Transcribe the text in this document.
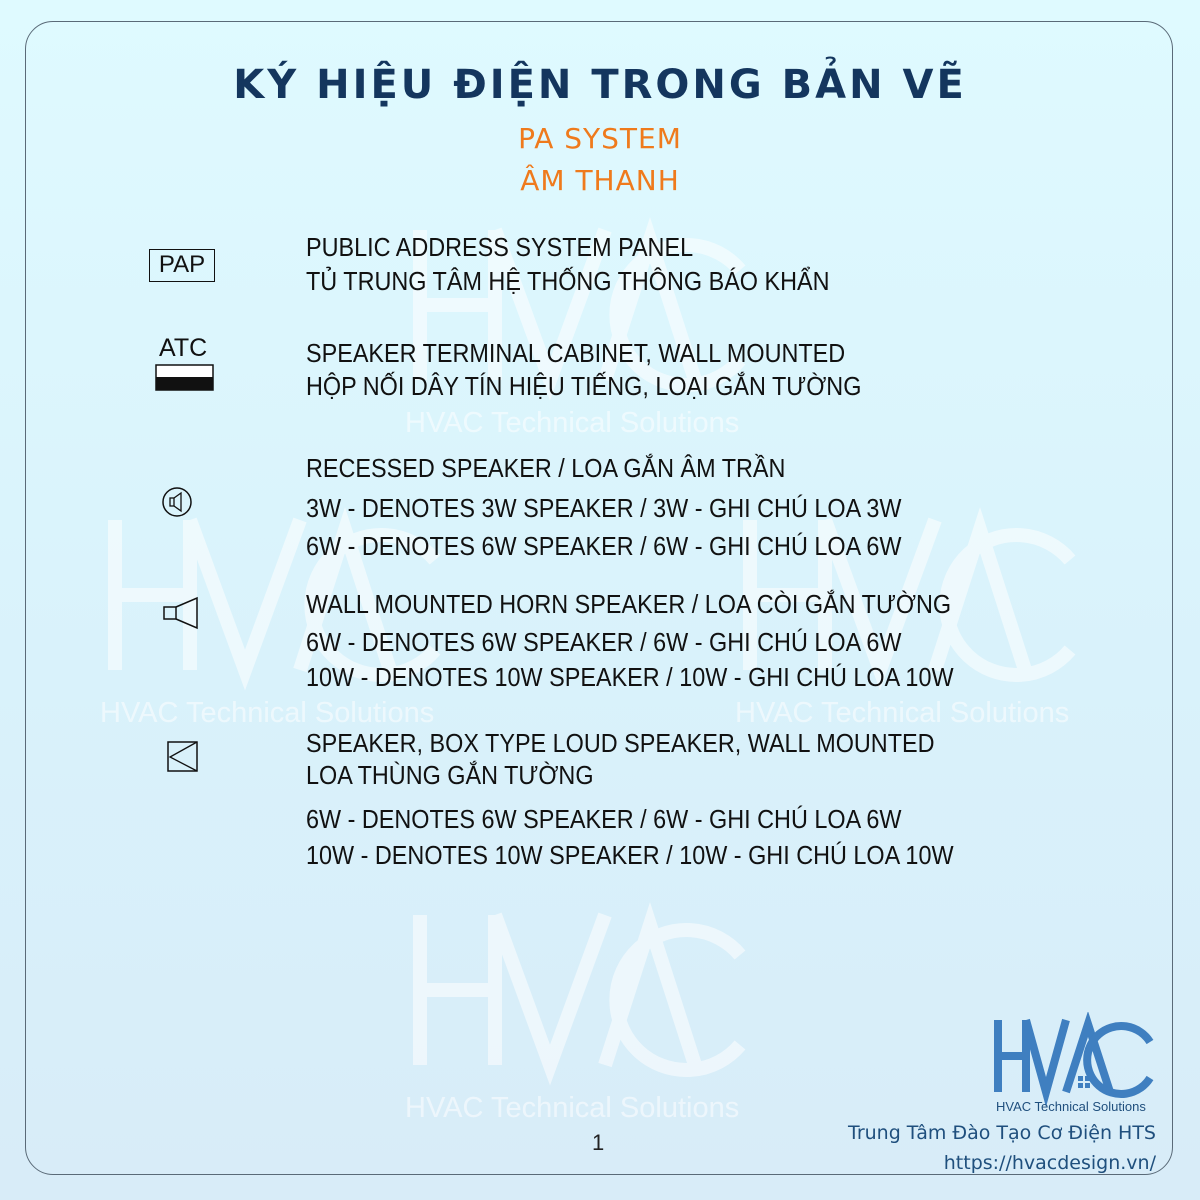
HVAC Technical Solutions
HVAC Technical Solutions	HVAC Technical Solutions
HVAC Technical Solutions
KÝ HIỆU ĐIỆN TRONG BẢN VẼ
PA SYSTEM
ÂM THANH
PAP
PUBLIC ADDRESS SYSTEM PANEL
TỦ TRUNG TÂM HỆ THỐNG THÔNG BÁO KHẨN
ATC	SPEAKER TERMINAL CABINET, WALL MOUNTED
HỘP NỐI DÂY TÍN HIỆU TIẾNG, LOẠI GẮN TƯỜNG
RECESSED SPEAKER / LOA GẮN ÂM TRẦN
3W - DENOTES 3W SPEAKER / 3W - GHI CHÚ LOA 3W
6W - DENOTES 6W SPEAKER / 6W - GHI CHÚ LOA 6W
WALL MOUNTED HORN SPEAKER / LOA CÒI GẮN TƯỜNG
6W - DENOTES 6W SPEAKER / 6W - GHI CHÚ LOA 6W
10W - DENOTES 10W SPEAKER / 10W - GHI CHÚ LOA 10W
SPEAKER, BOX TYPE LOUD SPEAKER, WALL MOUNTED
LOA THÙNG GẮN TƯỜNG
6W - DENOTES 6W SPEAKER / 6W - GHI CHÚ LOA 6W
10W - DENOTES 10W SPEAKER / 10W - GHI CHÚ LOA 10W
1
HVAC Technical Solutions
Trung Tâm Đào Tạo Cơ Điện HTS
https://hvacdesign.vn/
